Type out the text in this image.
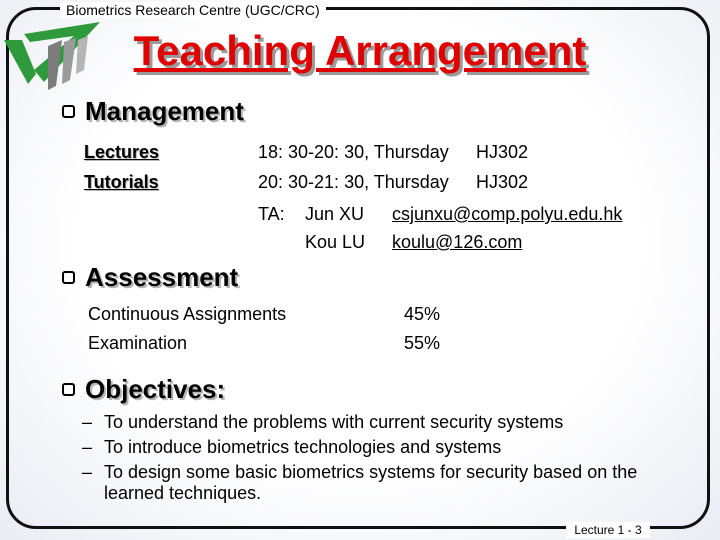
Biometrics Research Centre (UGC/CRC)
Teaching Arrangement
Management
Lectures	18: 30-20: 30, Thursday HJ302
Tutorials	20: 30-21: 30, Thursday HJ302
TA: Jun XU csjunxu@comp.polyu.edu.hk
Kou LU koulu@126.com
Assessment
Continuous Assignments	45%
Examination	55%
Objectives:
– To understand the problems with current security systems
– To introduce biometrics technologies and systems
– To design some basic biometrics systems for security based on the learned techniques.
Lecture 1 - 3
